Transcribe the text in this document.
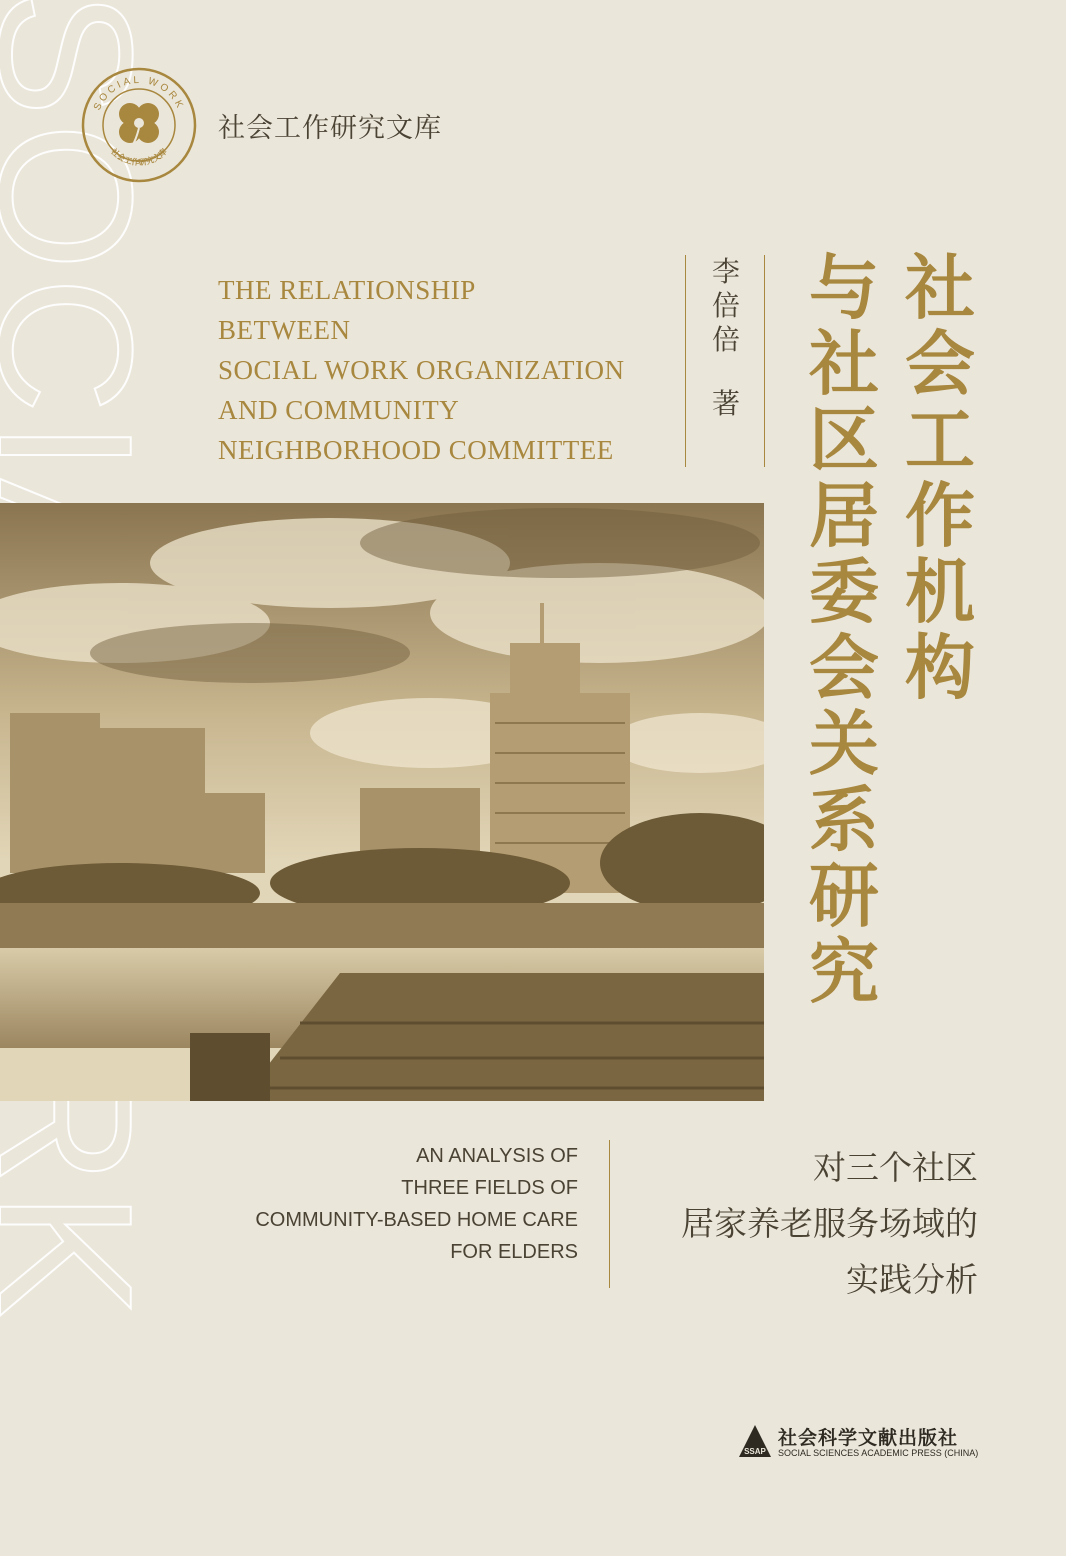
SOCIAL WORK
社会工作研究文库
社会工作研究文库
THE RELATIONSHIP
BETWEEN
SOCIAL WORK ORGANIZATION
AND COMMUNITY
NEIGHBORHOOD COMMITTEE
李
倍
倍
著
社
会
工
作
机
构
与
社
区
居
委
会
关
系
研
究
AN ANALYSIS OF
THREE FIELDS OF
COMMUNITY-BASED HOME CARE
FOR ELDERS
对三个社区
居家养老服务场域的
实践分析
SSAP
社会科学文献出版社
SOCIAL SCIENCES ACADEMIC PRESS (CHINA)
